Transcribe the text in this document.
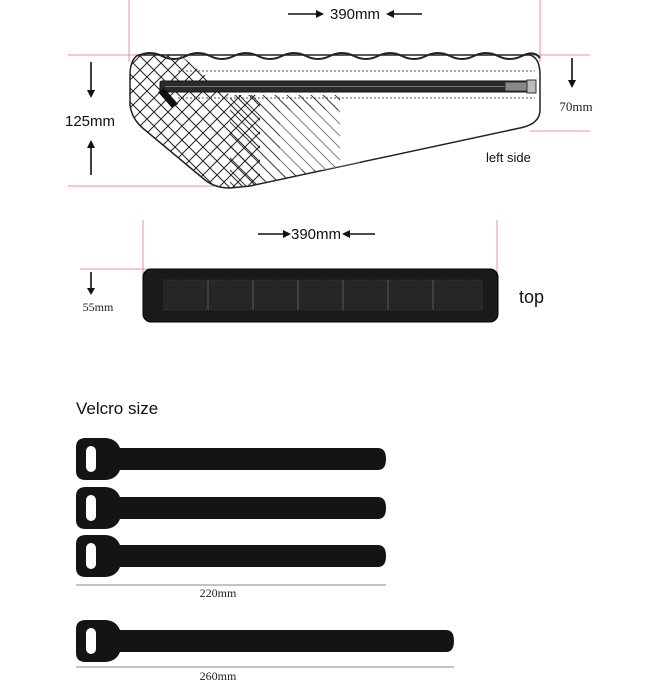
390mm
125mm
70mm
left side
390mm
55mm	top
Velcro size
220mm
260mm
